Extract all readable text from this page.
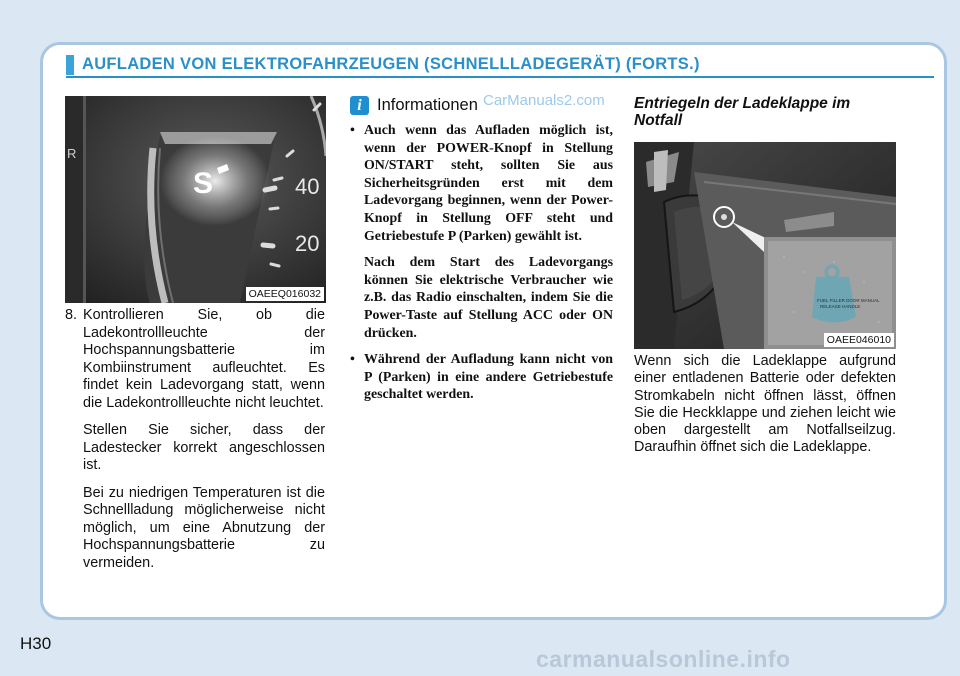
AUFLADEN VON ELEKTROFAHRZEUGEN (SCHNELLLADEGERÄT) (FORTS.)
R
S	40
20
OAEEQ016032
8. Kontrollieren Sie, ob die Ladekontrollleuchte der Hochspannungsbatterie im Kombiinstrument aufleuchtet. Es findet kein Ladevorgang statt, wenn die Ladekontrollleuchte nicht leuchtet.

Stellen Sie sicher, dass der Ladestecker korrekt angeschlossen ist.

Bei zu niedrigen Temperaturen ist die Schnellladung möglicherweise nicht möglich, um eine Abnutzung der Hochspannungsbatterie zu vermeiden.

i Informationen CarManuals2.com
• Auch wenn das Aufladen möglich ist, wenn der POWER-Knopf in Stellung ON/START steht, sollten Sie aus Sicherheitsgründen erst mit dem Ladevorgang beginnen, wenn der Power-Knopf in Stellung OFF steht und Getriebestufe P (Parken) gewählt ist.

Nach dem Start des Ladevorgangs können Sie elektrische Verbraucher wie z.B. das Radio einschalten, indem Sie die Power-Taste auf Stellung ACC oder ON drücken.

• Während der Aufladung kann nicht von P (Parken) in eine andere Getriebestufe geschaltet werden.

Entriegeln der Ladeklappe im Notfall
FUEL FILLER DOOR MANUAL
RELEASE HANDLE
OAEE046010

Wenn sich die Ladeklappe aufgrund einer entladenen Batterie oder defekten Stromkabeln nicht öffnen lässt, öffnen Sie die Heckklappe und ziehen leicht wie oben dargestellt am Notfallseilzug. Daraufhin öffnet sich die Ladeklappe.

H30
carmanualsonline.info
